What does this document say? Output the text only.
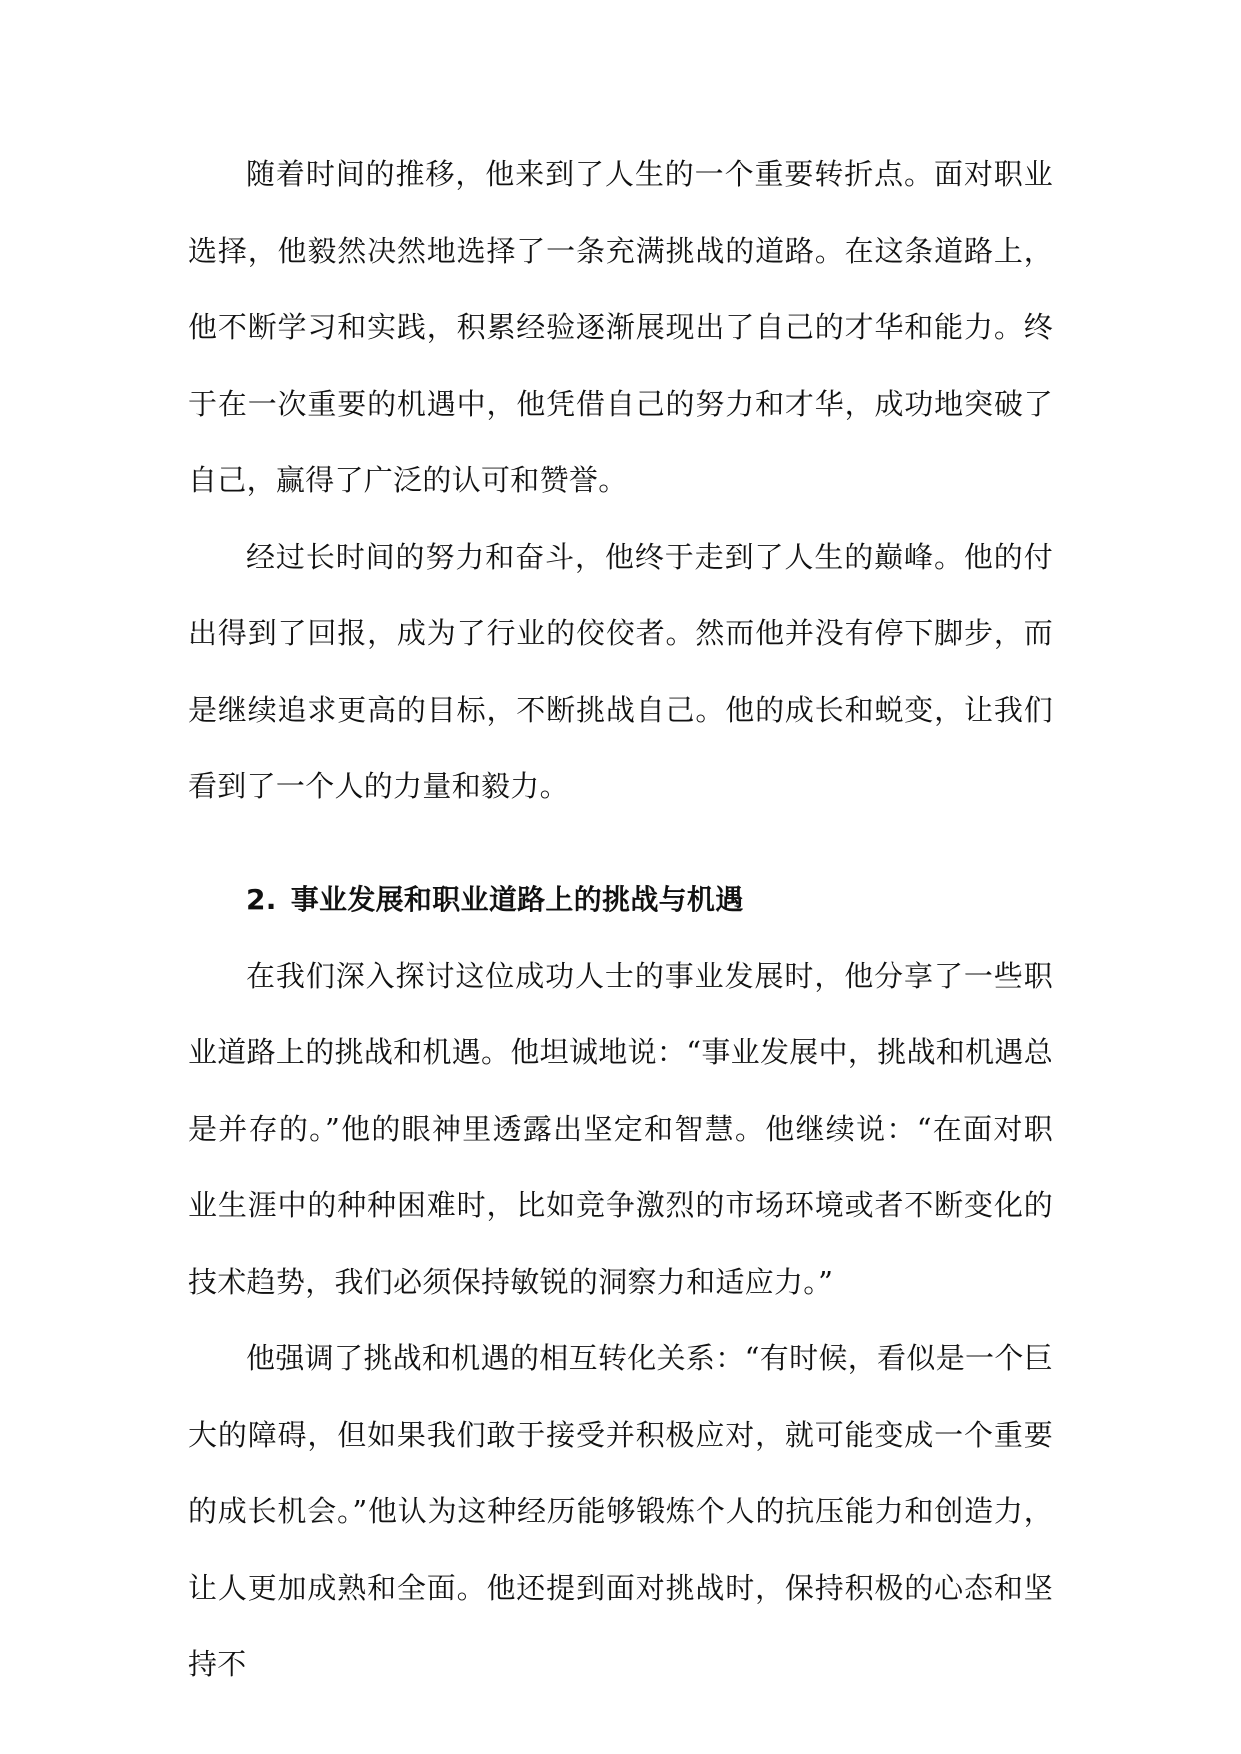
随着时间的推移，他来到了人生的一个重要转折点。面对职业选择，他毅然决然地选择了一条充满挑战的道路。在这条道路上，他不断学习和实践，积累经验逐渐展现出了自己的才华和能力。终于在一次重要的机遇中，他凭借自己的努力和才华，成功地突破了自己，赢得了广泛的认可和赞誉。

经过长时间的努力和奋斗，他终于走到了人生的巅峰。他的付出得到了回报，成为了行业的佼佼者。然而他并没有停下脚步，而是继续追求更高的目标，不断挑战自己。他的成长和蜕变，让我们看到了一个人的力量和毅力。

2. 事业发展和职业道路上的挑战与机遇

在我们深入探讨这位成功人士的事业发展时，他分享了一些职业道路上的挑战和机遇。他坦诚地说：“事业发展中，挑战和机遇总是并存的。”他的眼神里透露出坚定和智慧。他继续说：“在面对职业生涯中的种种困难时，比如竞争激烈的市场环境或者不断变化的技术趋势，我们必须保持敏锐的洞察力和适应力。”

他强调了挑战和机遇的相互转化关系：“有时候，看似是一个巨大的障碍，但如果我们敢于接受并积极应对，就可能变成一个重要的成长机会。”他认为这种经历能够锻炼个人的抗压能力和创造力，让人更加成熟和全面。他还提到面对挑战时，保持积极的心态和坚持不
